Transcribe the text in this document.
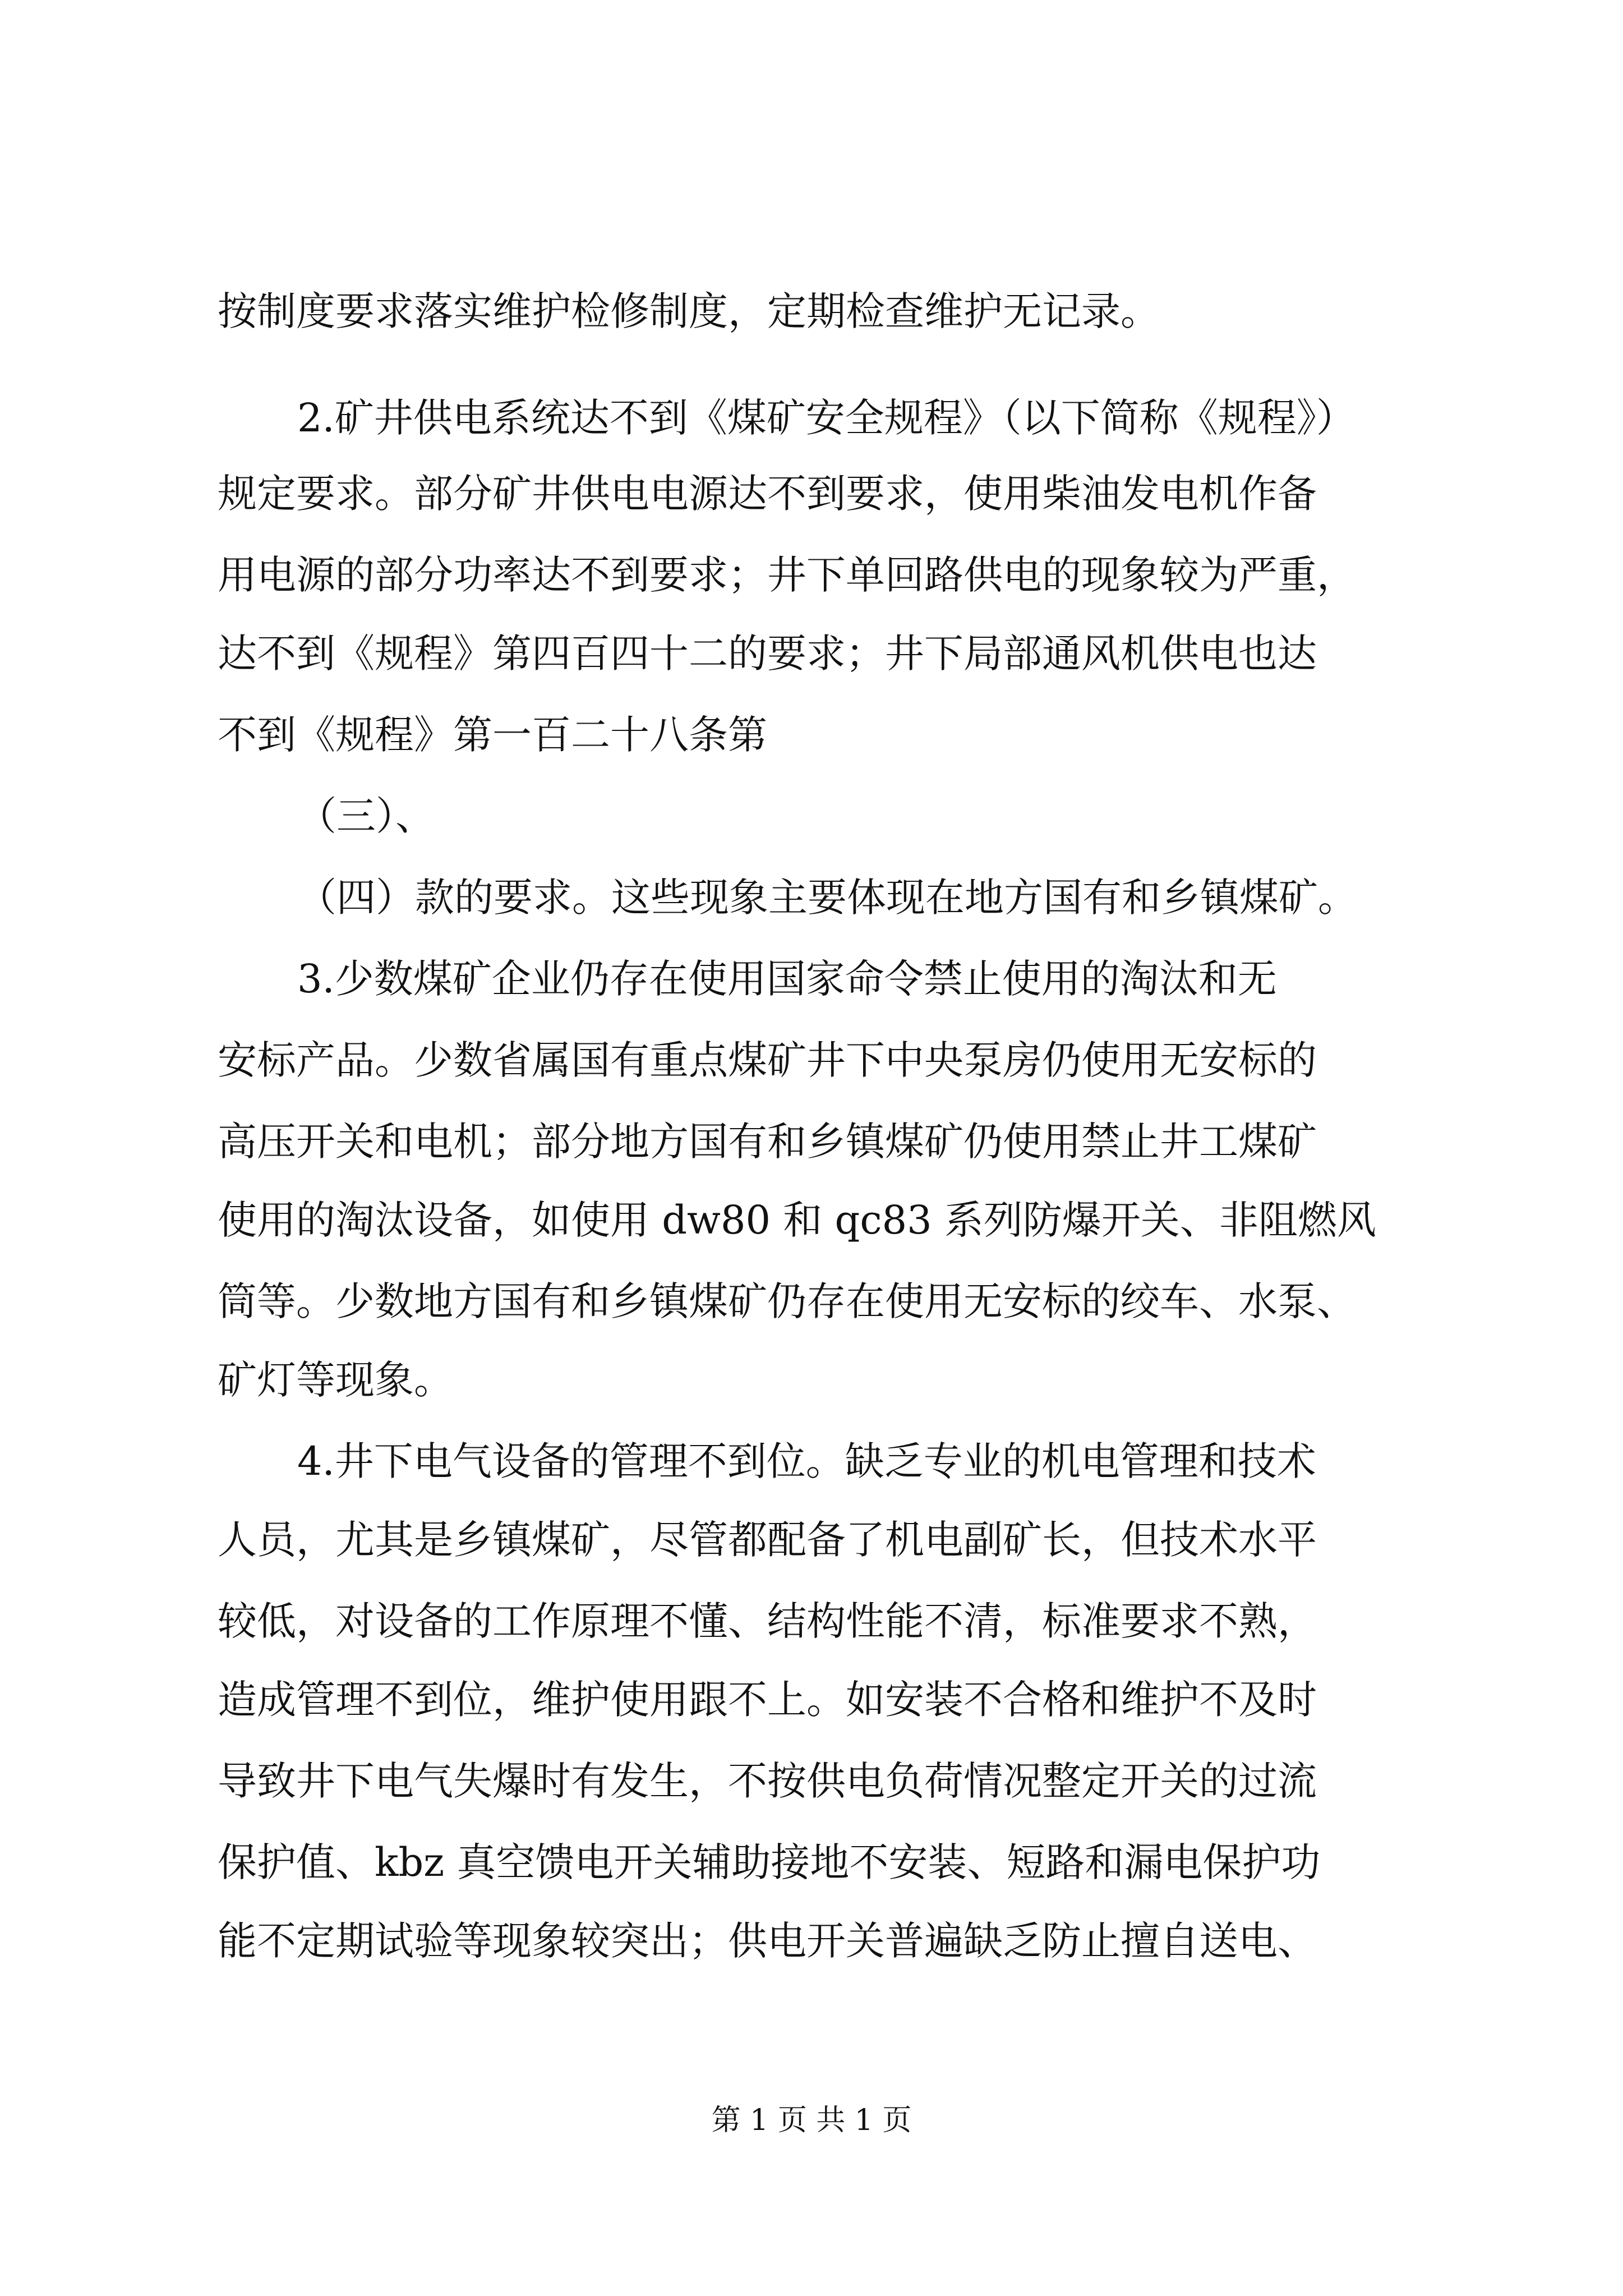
按制度要求落实维护检修制度，定期检查维护无记录。
2.矿井供电系统达不到《煤矿安全规程》（以下简称《规程》）
规定要求。部分矿井供电电源达不到要求，使用柴油发电机作备
用电源的部分功率达不到要求；井下单回路供电的现象较为严重，
达不到《规程》第四百四十二的要求；井下局部通风机供电也达
不到《规程》第一百二十八条第
（三）、
（四）款的要求。这些现象主要体现在地方国有和乡镇煤矿。
3.少数煤矿企业仍存在使用国家命令禁止使用的淘汰和无
安标产品。少数省属国有重点煤矿井下中央泵房仍使用无安标的
高压开关和电机；部分地方国有和乡镇煤矿仍使用禁止井工煤矿
使用的淘汰设备，如使用 dw80 和 qc83 系列防爆开关、非阻燃风
筒等。少数地方国有和乡镇煤矿仍存在使用无安标的绞车、水泵、
矿灯等现象。
4.井下电气设备的管理不到位。缺乏专业的机电管理和技术
人员，尤其是乡镇煤矿，尽管都配备了机电副矿长，但技术水平
较低，对设备的工作原理不懂、结构性能不清，标准要求不熟，
造成管理不到位，维护使用跟不上。如安装不合格和维护不及时
导致井下电气失爆时有发生，不按供电负荷情况整定开关的过流
保护值、kbz 真空馈电开关辅助接地不安装、短路和漏电保护功
能不定期试验等现象较突出；供电开关普遍缺乏防止擅自送电、
第 1 页 共 1 页
